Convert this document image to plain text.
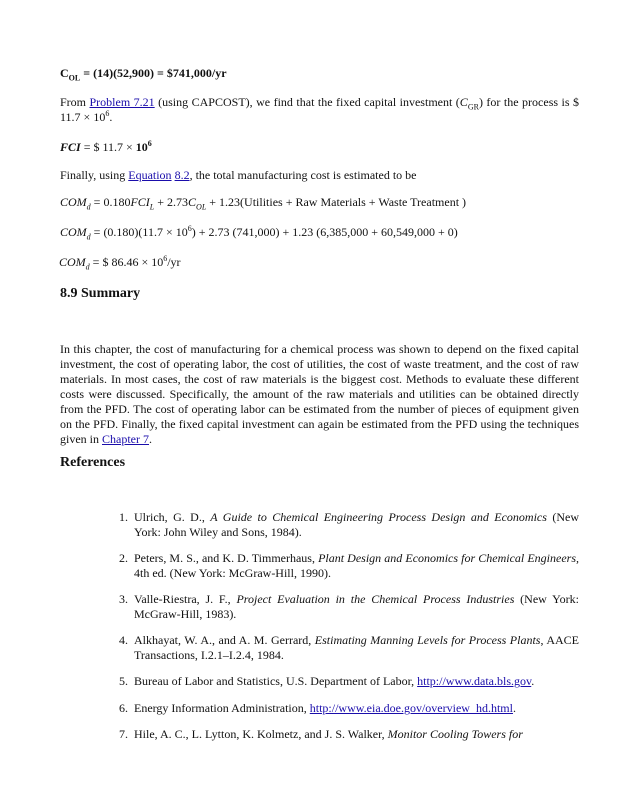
$C_{OL} = (14)(52,900)$ = $741,000/yr
From Problem 7.21 (using CAPCOST), we find that the fixed capital investment $(C_{GR})$ for the process is $ $11.7 \times 10^6$.
FCI = $ $11.7 \times 10^6$
Finally, using Equation 8.2, the total manufacturing cost is estimated to be
$COM_d = 0.180FCI_L + 2.73C_{OL}$ + 1.23(Utilities + Raw Materials + Waste Treatment )
$COM_d = (0.180)(11.7 \times 10^6) + 2.73$ (741,000) + 1.23 (6,385,000 + 60,549,000 + 0)
$COM_d$ = $ $86.46 \times 10^6/yr$
8.9 Summary
In this chapter, the cost of manufacturing for a chemical process was shown to depend on the fixed capital investment, the cost of operating labor, the cost of utilities, the cost of waste treatment, and the cost of raw materials. In most cases, the cost of raw materials is the biggest cost. Methods to evaluate these different costs were discussed. Specifically, the amount of the raw materials and utilities can be obtained directly from the PFD. The cost of operating labor can be estimated from the number of pieces of equipment given on the PFD. Finally, the fixed capital investment can again be estimated from the PFD using the techniques given in Chapter 7.
References
1. Ulrich, G. D., A Guide to Chemical Engineering Process Design and Economics (New York: John Wiley and Sons, 1984).
2. Peters, M. S., and K. D. Timmerhaus, Plant Design and Economics for Chemical Engineers, 4th ed. (New York: McGraw-Hill, 1990).
3. Valle-Riestra, J. F., Project Evaluation in the Chemical Process Industries (New York: McGraw-Hill, 1983).
4. Alkhayat, W. A., and A. M. Gerrard, Estimating Manning Levels for Process Plants, AACE Transactions, I.2.1–I.2.4, 1984.
5. Bureau of Labor and Statistics, U.S. Department of Labor, http://www.data.bls.gov.
6. Energy Information Administration, http://www.eia.doe.gov/overview_hd.html.
7. Hile, A. C., L. Lytton, K. Kolmetz, and J. S. Walker, Monitor Cooling Towers for
